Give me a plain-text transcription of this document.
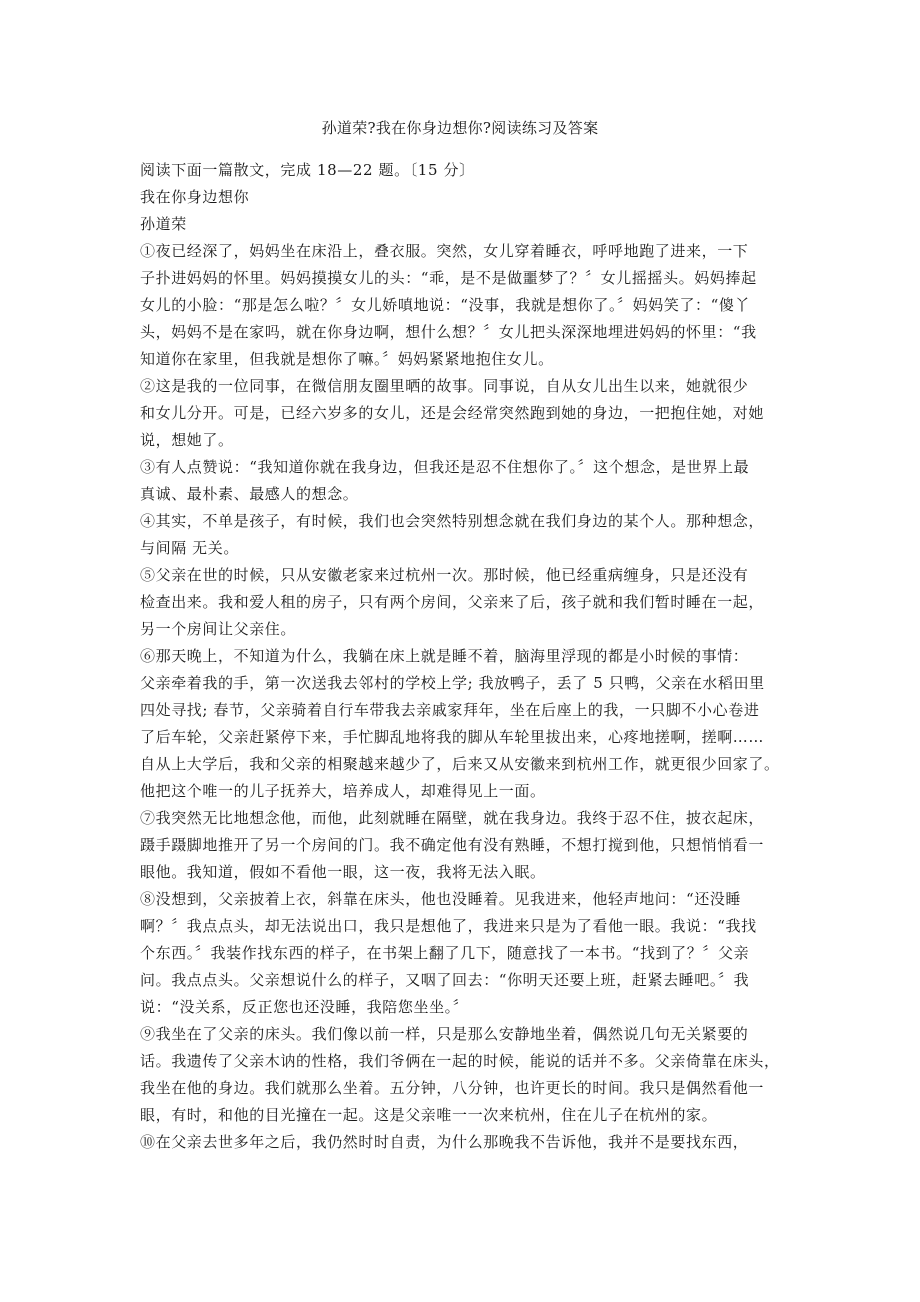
孙道荣?我在你身边想你?阅读练习及答案
阅读下面一篇散文，完成 18—22 题。〔15 分〕
我在你身边想你
孙道荣
①夜已经深了，妈妈坐在床沿上，叠衣服。突然，女儿穿着睡衣，呼呼地跑了进来，一下
子扑进妈妈的怀里。妈妈摸摸女儿的头：“乖，是不是做噩梦了？〞女儿摇摇头。妈妈捧起
女儿的小脸：“那是怎么啦？〞女儿娇嗔地说：“没事，我就是想你了。〞妈妈笑了：“傻丫
头，妈妈不是在家吗，就在你身边啊，想什么想？〞女儿把头深深地埋进妈妈的怀里：“我
知道你在家里，但我就是想你了嘛。〞妈妈紧紧地抱住女儿。
②这是我的一位同事，在微信朋友圈里晒的故事。同事说，自从女儿出生以来，她就很少
和女儿分开。可是，已经六岁多的女儿，还是会经常突然跑到她的身边，一把抱住她，对她
说，想她了。
③有人点赞说：“我知道你就在我身边，但我还是忍不住想你了。〞这个想念，是世界上最
真诚、最朴素、最感人的想念。
④其实，不单是孩子，有时候，我们也会突然特别想念就在我们身边的某个人。那种想念，
与间隔 无关。
⑤父亲在世的时候，只从安徽老家来过杭州一次。那时候，他已经重病缠身，只是还没有
检查出来。我和爱人租的房子，只有两个房间，父亲来了后，孩子就和我们暂时睡在一起，
另一个房间让父亲住。
⑥那天晚上，不知道为什么，我躺在床上就是睡不着，脑海里浮现的都是小时候的事情：
父亲牵着我的手，第一次送我去邻村的学校上学; 我放鸭子，丢了 5 只鸭，父亲在水稻田里
四处寻找; 春节，父亲骑着自行车带我去亲戚家拜年，坐在后座上的我，一只脚不小心卷进
了后车轮，父亲赶紧停下来，手忙脚乱地将我的脚从车轮里拔出来，心疼地搓啊，搓啊……
自从上大学后，我和父亲的相聚越来越少了，后来又从安徽来到杭州工作，就更很少回家了。
他把这个唯一的儿子抚养大，培养成人，却难得见上一面。
⑦我突然无比地想念他，而他，此刻就睡在隔壁，就在我身边。我终于忍不住，披衣起床，
蹑手蹑脚地推开了另一个房间的门。我不确定他有没有熟睡，不想打搅到他，只想悄悄看一
眼他。我知道，假如不看他一眼，这一夜，我将无法入眠。
⑧没想到，父亲披着上衣，斜靠在床头，他也没睡着。见我进来，他轻声地问：“还没睡
啊？〞我点点头，却无法说出口，我只是想他了，我进来只是为了看他一眼。我说：“我找
个东西。〞我装作找东西的样子，在书架上翻了几下，随意找了一本书。“找到了？〞父亲
问。我点点头。父亲想说什么的样子，又咽了回去：“你明天还要上班，赶紧去睡吧。〞我
说：“没关系，反正您也还没睡，我陪您坐坐。〞
⑨我坐在了父亲的床头。我们像以前一样，只是那么安静地坐着，偶然说几句无关紧要的
话。我遗传了父亲木讷的性格，我们爷俩在一起的时候，能说的话并不多。父亲倚靠在床头，
我坐在他的身边。我们就那么坐着。五分钟，八分钟，也许更长的时间。我只是偶然看他一
眼，有时，和他的目光撞在一起。这是父亲唯一一次来杭州，住在儿子在杭州的家。
⑩在父亲去世多年之后，我仍然时时自责，为什么那晚我不告诉他，我并不是要找东西，
